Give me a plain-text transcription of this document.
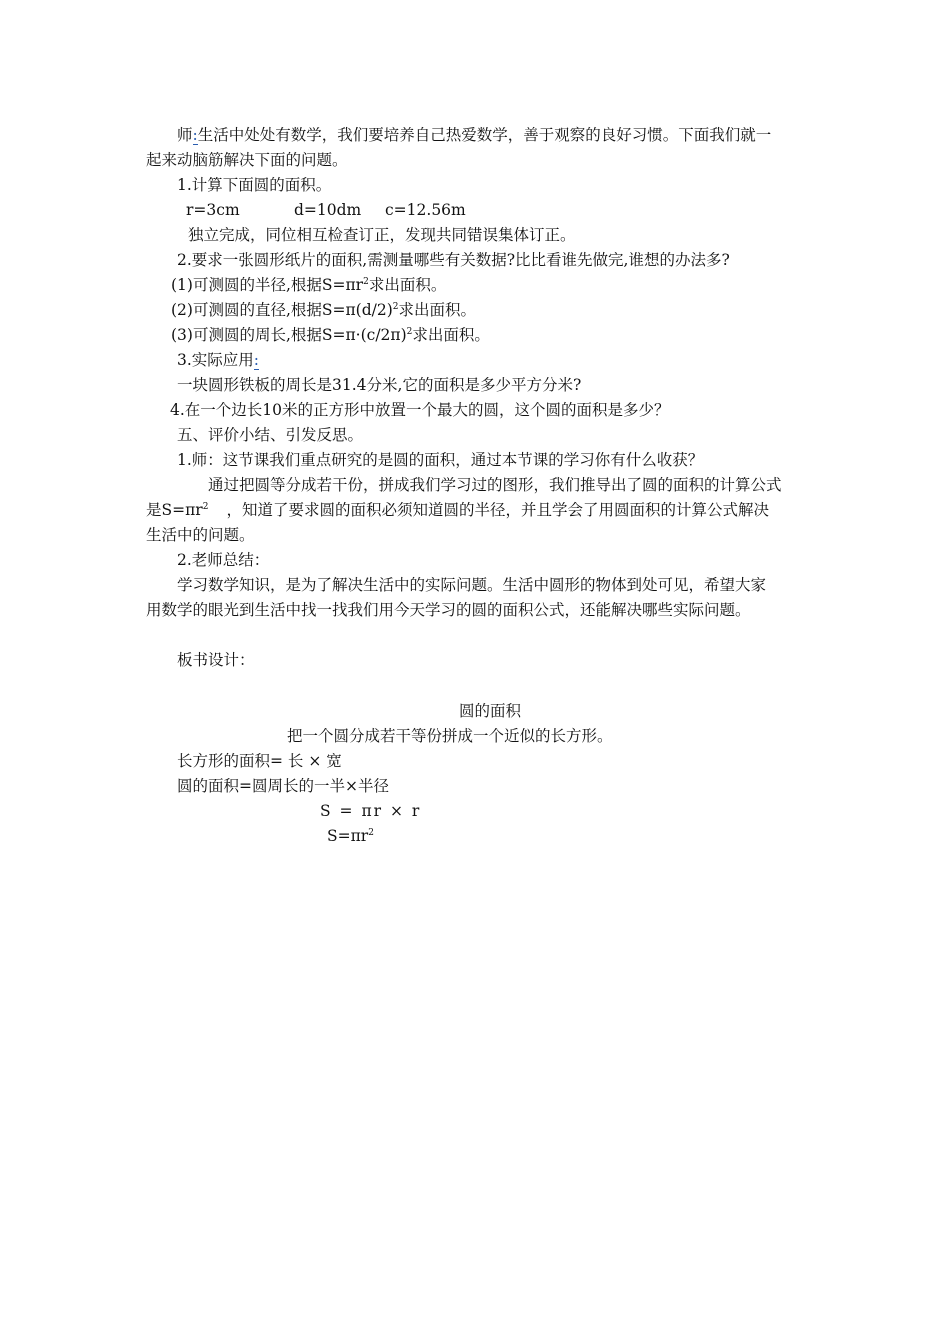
师:生活中处处有数学，我们要培养自己热爱数学，善于观察的良好习惯。下面我们就一
起来动脑筋解决下面的问题。
1.计算下面圆的面积。
r=3cm	d=10dm c=12.56m
独立完成，同位相互检查订正，发现共同错误集体订正。
2.要求一张圆形纸片的面积,需测量哪些有关数据?比比看谁先做完,谁想的办法多?
(1)可测圆的半径,根据$S=\pi r^2$求出面积。
(2)可测圆的直径,根据$S=\pi(d/2)^2$求出面积。
(3)可测圆的周长,根据$S=\pi\cdot(c/2\pi)^2$求出面积。
3.实际应用:
一块圆形铁板的周长是31.4分米,它的面积是多少平方分米?
4.在一个边长10米的正方形中放置一个最大的圆，这个圆的面积是多少？
五、评价小结、引发反思。
1.师：这节课我们重点研究的是圆的面积，通过本节课的学习你有什么收获？
通过把圆等分成若干份，拼成我们学习过的图形，我们推导出了圆的面积的计算公式
是$S=\pi r^2$ ，知道了要求圆的面积必须知道圆的半径，并且学会了用圆面积的计算公式解决
生活中的问题。
2.老师总结：
学习数学知识，是为了解决生活中的实际问题。生活中圆形的物体到处可见，希望大家
用数学的眼光到生活中找一找我们用今天学习的圆的面积公式，还能解决哪些实际问题。
板书设计：
圆的面积
把一个圆分成若干等份拼成一个近似的长方形。
长方形的面积= 长 × 宽
圆的面积=圆周长的一半×半径
S = πr × r
$S=\pi r^2$
